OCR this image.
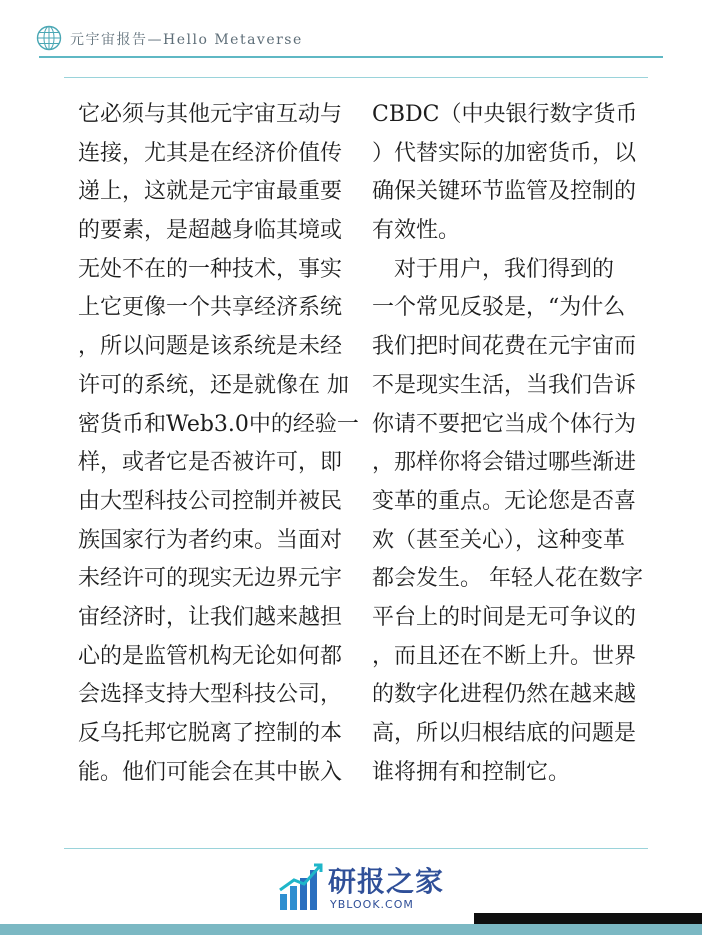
元宇宙报告—Hello Metaverse
它必须与其他元宇宙互动与
连接，尤其是在经济价值传
递上，这就是元宇宙最重要
的要素，是超越身临其境或
无处不在的一种技术，事实
上它更像一个共享经济系统
，所以问题是该系统是未经
许可的系统，还是就像在 加
密货币和Web3.0中的经验一
样，或者它是否被许可，即
由大型科技公司控制并被民
族国家行为者约束。当面对
未经许可的现实无边界元宇
宙经济时，让我们越来越担
心的是监管机构无论如何都
会选择支持大型科技公司，
反乌托邦它脱离了控制的本
能。他们可能会在其中嵌入
CBDC（中央银行数字货币
）代替实际的加密货币，以
确保关键环节监管及控制的
有效性。
　对于用户，我们得到的
一个常见反驳是，“为什么
我们把时间花费在元宇宙而
不是现实生活，当我们告诉
你请不要把它当成个体行为
，那样你将会错过哪些渐进
变革的重点。无论您是否喜
欢（甚至关心），这种变革
都会发生。 年轻人花在数字
平台上的时间是无可争议的
，而且还在不断上升。世界
的数字化进程仍然在越来越
高，所以归根结底的问题是
谁将拥有和控制它。
研报之家
YBLOOK.COM
